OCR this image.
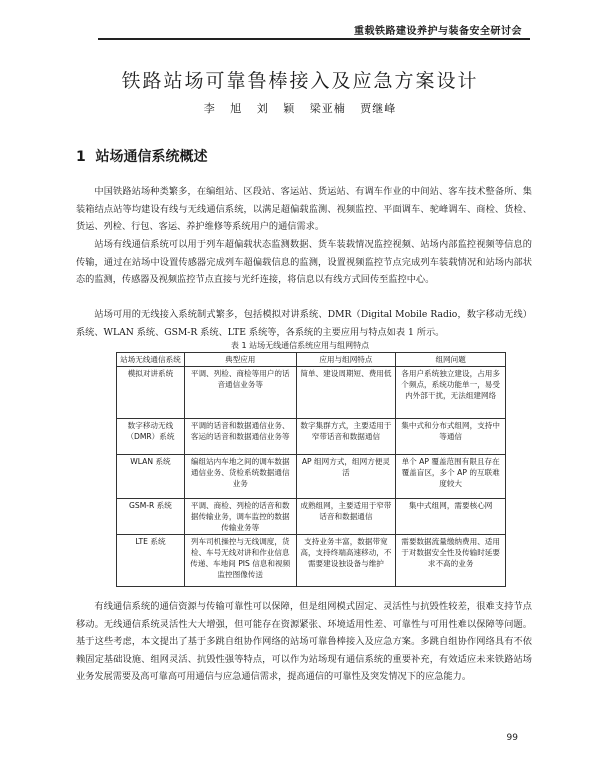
重载铁路建设养护与装备安全研讨会
铁路站场可靠鲁棒接入及应急方案设计
李 旭 刘 颖 梁亚楠 贾继峰
1 站场通信系统概述

中国铁路站场种类繁多，在编组站、区段站、客运站、货运站、有调车作业的中间站、客车技术整备所、集装箱结点站等均建设有线与无线通信系统，以满足超偏载监测、视频监控、平面调车、驼峰调车、商检、货检、货运、列检、行包、客运、养护维修等系统用户的通信需求。

站场有线通信系统可以用于列车超偏载状态监测数据、货车装载情况监控视频、站场内部监控视频等信息的传输，通过在站场中设置传感器完成列车超偏载信息的监测，设置视频监控节点完成列车装载情况和站场内部状态的监测，传感器及视频监控节点直接与光纤连接，将信息以有线方式回传至监控中心。

站场可用的无线接入系统制式繁多，包括模拟对讲系统、DMR（Digital Mobile Radio，数字移动无线）系统、WLAN 系统、GSM-R 系统、LTE 系统等，各系统的主要应用与特点如表 1 所示。

表 1 站场无线通信系统应用与组网特点
站场无线通信系统	典型应用	应用与组网特点	组网问题
模拟对讲系统	平调、列检、商检等用户的话音通信业务等	简单、建设周期短、费用低	各用户系统独立建设，占用多个频点，系统功能单一，易受内外部干扰，无法组建网络
数字移动无线（DMR）系统	平调的话音和数据通信业务、客运的话音和数据通信业务等	数字集群方式，主要适用于窄带话音和数据通信	集中式和分布式组网，支持中等通信
WLAN 系统	编组站内车地之间的调车数据通信业务、货检系统数据通信业务	AP 组网方式，组网方便灵活	单个 AP 覆盖范围有限且存在覆盖盲区，多个 AP 的互联难度较大
GSM-R 系统	平调、商检、列检的话音和数据传输业务，调车监控的数据传输业务等	成熟组网，主要适用于窄带话音和数据通信	集中式组网，需要核心网
LTE 系统	列车司机操控与无线调度，货检、车号无线对讲和作业信息传递、车地间 PIS 信息和视频监控图像传送	支持业务丰富，数据带宽高，支持终端高速移动，不需要建设独设备与维护	需要数据流量缴纳费用、适用于对数据安全性及传输时延要求不高的业务

有线通信系统的通信资源与传输可靠性可以保障，但是组网模式固定、灵活性与抗毁性较差，很难支持节点移动。无线通信系统灵活性大大增强，但可能存在资源紧张、环境适用性差、可靠性与可用性难以保障等问题。基于这些考虑，本文提出了基于多跳自组协作网络的站场可靠鲁棒接入及应急方案。多跳自组协作网络具有不依赖固定基础设施、组网灵活、抗毁性强等特点，可以作为站场现有通信系统的重要补充，有效适应未来铁路站场业务发展需要及高可靠高可用通信与应急通信需求，提高通信的可靠性及突发情况下的应急能力。

99
